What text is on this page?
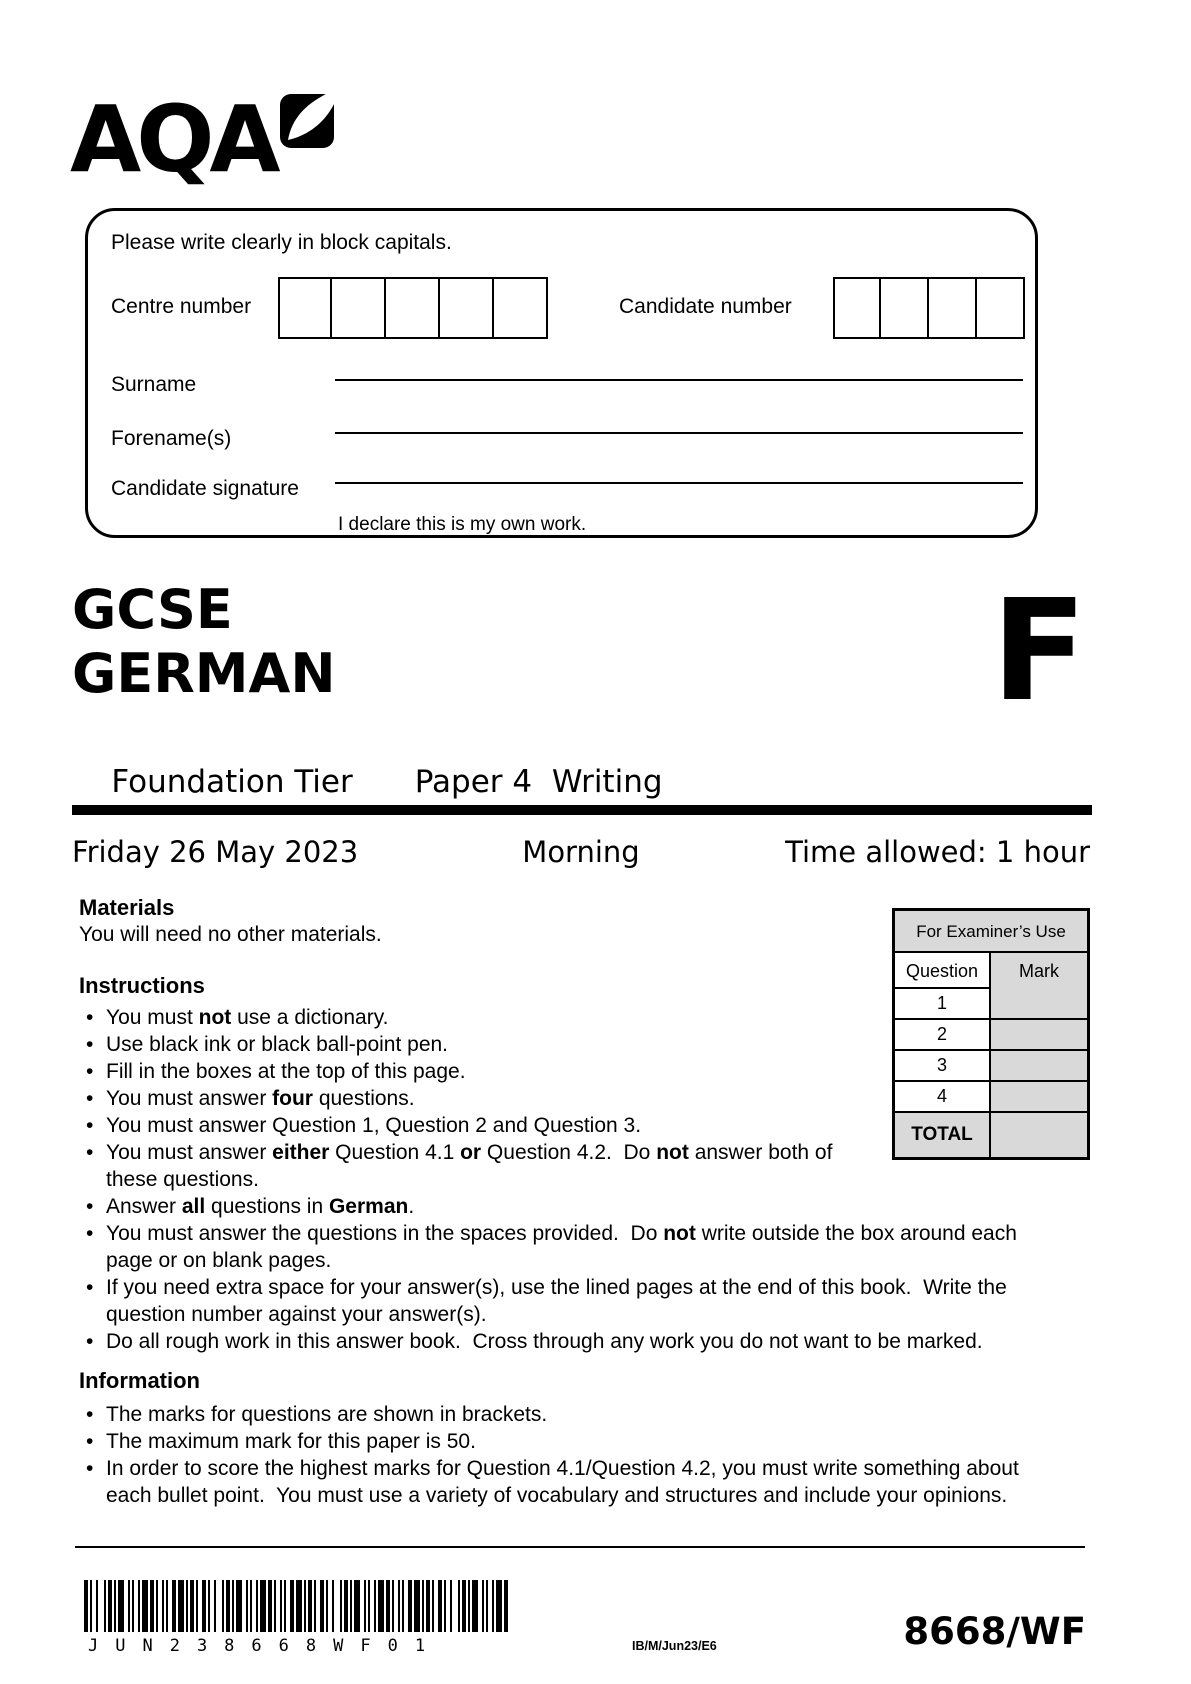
AQA
Please write clearly in block capitals.
Centre number	Candidate number
Surname
Forename(s)
Candidate signature
I declare this is my own work.
GCSE
GERMAN	F

Foundation Tier Paper 4  Writing

Friday 26 May 2023	Morning	Time allowed: 1 hour
Materials

You will need no other materials.

Instructions
• You must not use a dictionary.
• Use black ink or black ball-point pen.
• Fill in the boxes at the top of this page.
• You must answer four questions.
• You must answer Question 1, Question 2 and Question 3.
• You must answer either Question 4.1 or Question 4.2.  Do not answer both of
these questions.
• Answer all questions in German.
• You must answer the questions in the spaces provided.  Do not write outside the box around each
page or on blank pages.
• If you need extra space for your answer(s), use the lined pages at the end of this book.  Write the
question number against your answer(s).
• Do all rough work in this answer book.  Cross through any work you do not want to be marked.
Information
• The marks for questions are shown in brackets.
• The maximum mark for this paper is 50.
• In order to score the highest marks for Question 4.1/Question 4.2, you must write something about
each bullet point.  You must use a variety of vocabulary and structures and include your opinions.
For Examiner’s Use
Question	Mark
1
2
3
4
TOTAL
JUN238668WF01	IB/M/Jun23/E6	8668/WF
